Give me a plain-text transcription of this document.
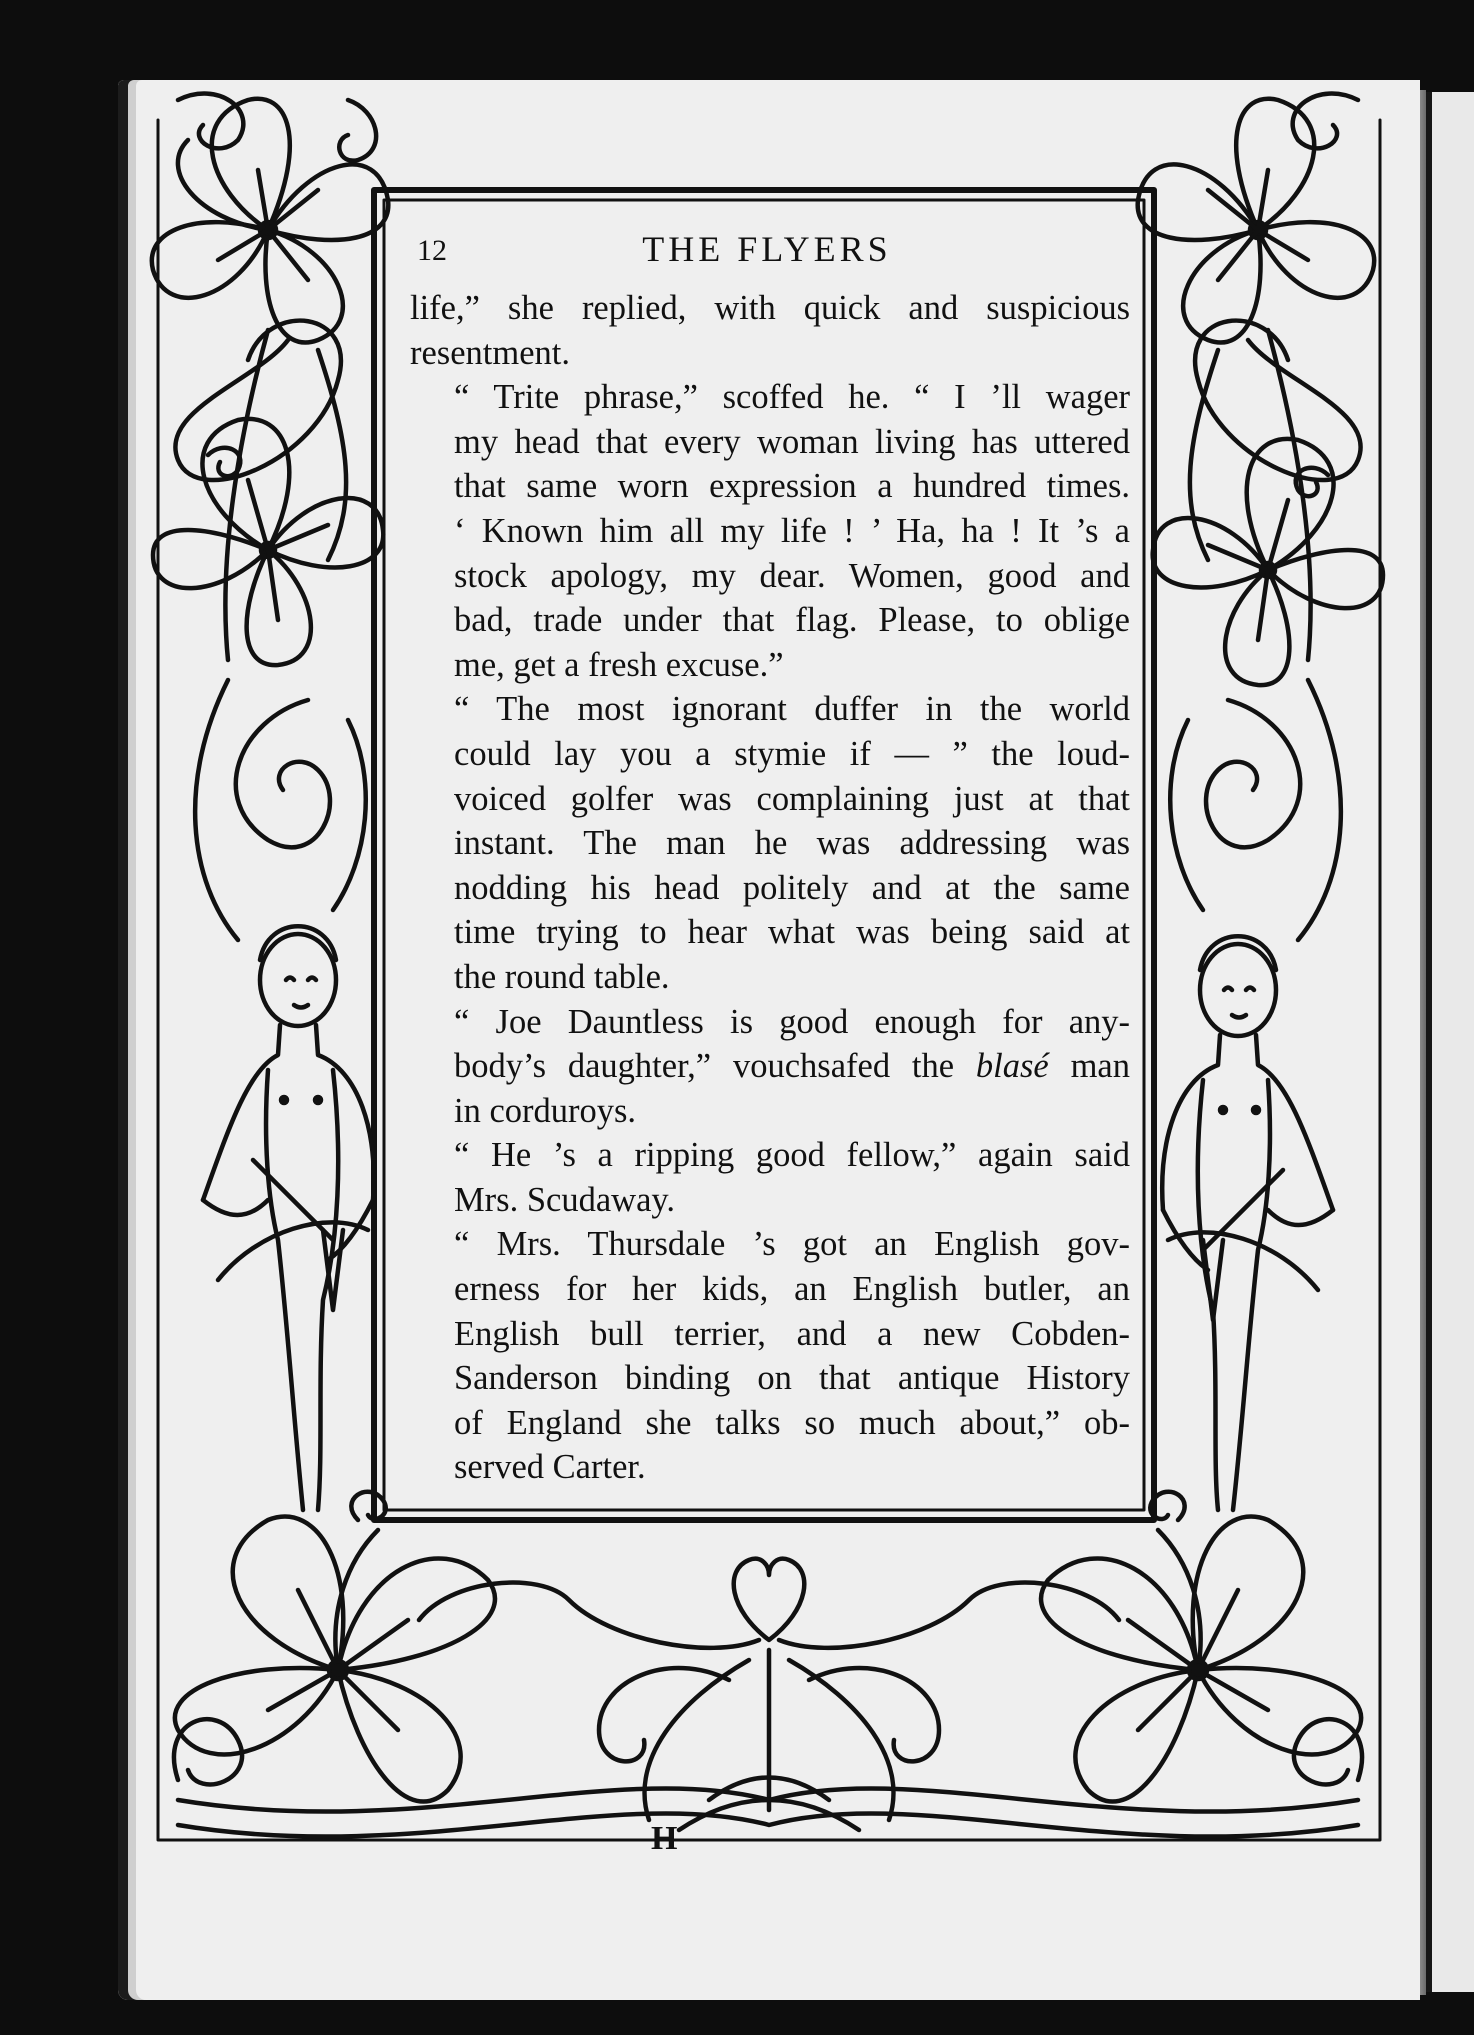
12	THE FLYERS

life,” she replied, with quick and suspicious
resentment.

“ Trite phrase,” scoffed he. “ I ’ll wager
my head that every woman living has uttered
that same worn expression a hundred times.
‘ Known him all my life ! ’ Ha, ha ! It ’s a
stock apology, my dear. Women, good and
bad, trade under that flag. Please, to oblige
me, get a fresh excuse.”

“ The most ignorant duffer in the world
could lay you a stymie if — ” the loud-
voiced golfer was complaining just at that
instant. The man he was addressing was
nodding his head politely and at the same
time trying to hear what was being said at
the round table.

“ Joe Dauntless is good enough for any-
body’s daughter,” vouchsafed the blasé man
in corduroys.

“ He ’s a ripping good fellow,” again said
Mrs. Scudaway.

“ Mrs. Thursdale ’s got an English gov-
erness for her kids, an English butler, an
English bull terrier, and a new Cobden-
Sanderson binding on that antique History
of England she talks so much about,” ob-
served Carter.

H
